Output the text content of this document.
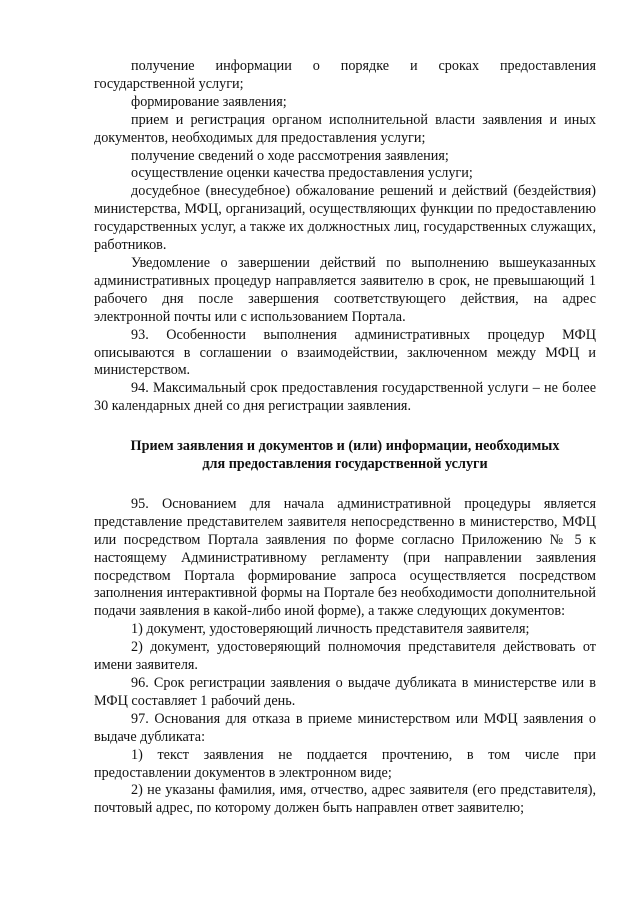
получение информации о порядке и сроках предоставления государственной услуги;

формирование заявления;

прием и регистрация органом исполнительной власти заявления и иных документов, необходимых для предоставления услуги;

получение сведений о ходе рассмотрения заявления;

осуществление оценки качества предоставления услуги;

досудебное (внесудебное) обжалование решений и действий (бездействия) министерства, МФЦ, организаций, осуществляющих функции по предоставлению государственных услуг, а также их должностных лиц, государственных служащих, работников.

Уведомление о завершении действий по выполнению вышеуказанных административных процедур направляется заявителю в срок, не превышающий 1 рабочего дня после завершения соответствующего действия, на адрес электронной почты или с использованием Портала.

93. Особенности выполнения административных процедур МФЦ описываются в соглашении о взаимодействии, заключенном между МФЦ и министерством.

94. Максимальный срок предоставления государственной услуги – не более 30 календарных дней со дня регистрации заявления.

Прием заявления и документов и (или) информации, необходимых
для предоставления государственной услуги

95. Основанием для начала административной процедуры является представление представителем заявителя непосредственно в министерство, МФЦ или посредством Портала заявления по форме согласно Приложению № 5 к настоящему Административному регламенту (при направлении заявления посредством Портала формирование запроса осуществляется посредством заполнения интерактивной формы на Портале без необходимости дополнительной подачи заявления в какой-либо иной форме), а также следующих документов:

1) документ, удостоверяющий личность представителя заявителя;

2) документ, удостоверяющий полномочия представителя действовать от имени заявителя.

96. Срок регистрации заявления о выдаче дубликата в министерстве или в МФЦ составляет 1 рабочий день.

97. Основания для отказа в приеме министерством или МФЦ заявления о выдаче дубликата:

1) текст заявления не поддается прочтению, в том числе при предоставлении документов в электронном виде;

2) не указаны фамилия, имя, отчество, адрес заявителя (его представителя), почтовый адрес, по которому должен быть направлен ответ заявителю;
